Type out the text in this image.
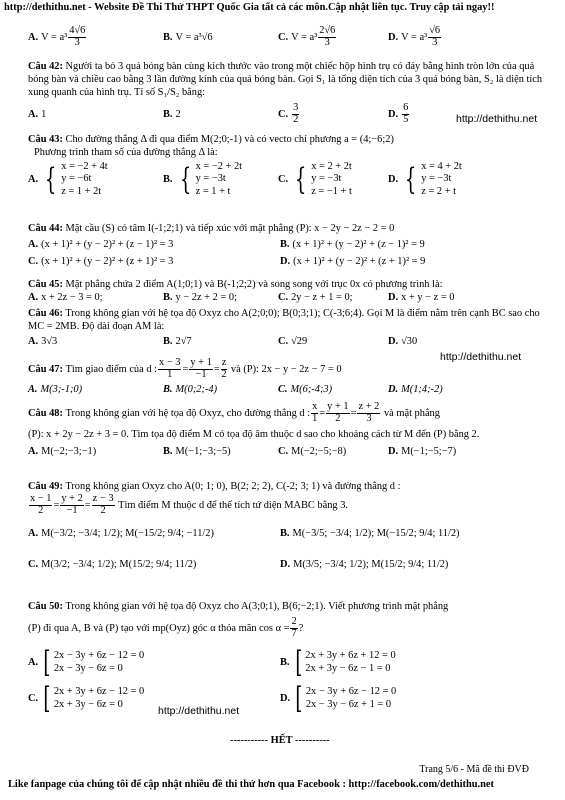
http://dethithu.net - Website Đề Thi Thử THPT Quốc Gia tất cả các môn.Cập nhật liên tục. Truy cập tải ngay!!
A. $V = a^3 \frac{4√6}{3}$	B. V = a³√6	C. $V = a^3 \frac{2√6}{3}$	D. $V = a^3 \frac{√6}{3}$
Câu 42: Người ta bỏ 3 quả bóng bàn cùng kích thước vào trong một chiếc hộp hình trụ có đáy bằng hình tròn lớn của quả bóng bàn và chiều cao bằng 3 lần đường kính của quả bóng bàn. Gọi S₁ là tổng diện tích của 3 quả bóng bàn, S₂ là diện tích xung quanh của hình trụ. Tỉ số S₁/S₂ bằng:
A. 1	B. 2	C. $\frac{3}{2}$	D. $\frac{6}{5}$	http://dethithu.net
Câu 43: Cho đường thẳng Δ đi qua điểm M(2;0;-1) và có vecto chỉ phương a = (4;−6;2)
Phương trình tham số của đường thẳng Δ là:
A. { x = −2 + 4t
y = −6t
z = 1 + 2t
B. { x = −2 + 2t
y = −3t
z = 1 + t
C. { x = 2 + 2t
y = −3t
z = −1 + t
D. { x = 4 + 2t
y = −3t
z = 2 + t
Câu 44: Mặt cầu (S) có tâm I(-1;2;1) và tiếp xúc với mặt phẳng (P): x − 2y − 2z − 2 = 0
A. (x + 1)² + (y − 2)² + (z − 1)² = 3	B. (x + 1)² + (y − 2)² + (z − 1)² = 9
C. (x + 1)² + (y − 2)² + (z + 1)² = 3	D. (x + 1)² + (y − 2)² + (z + 1)² = 9
Câu 45: Mặt phẳng chứa 2 điểm A(1;0;1) và B(-1;2;2) và song song với trục 0x có phương trình là:
A. x + 2z − 3 = 0;	B. y − 2z + 2 = 0;	C. 2y − z + 1 = 0;	D. x + y − z = 0
Câu 46: Trong không gian với hệ tọa độ Oxyz cho A(2;0;0); B(0;3;1); C(-3;6;4). Gọi M là điểm nằm trên cạnh BC sao cho MC = 2MB. Độ dài đoạn AM là:
A. 3√3	B. 2√7	C. √29	D. √30
http://dethithu.net
Câu 47:
Tìm giao điểm của d : $\frac{x - 3}{1} = \frac{y + 1}{-1} = \frac{z}{2}$
và (P): 2x − y − 2z − 7 = 0
A. M(3;-1;0)	B. M(0;2;-4)	C. M(6;-4;3)	D. M(1;4;-2)
Câu 48:
Trong không gian với hệ tọa độ Oxyz, cho đường thẳng d : $\frac{x}{1} = \frac{y + 1}{2} = \frac{z + 2}{3}$
và mặt phẳng
(P): x + 2y − 2z + 3 = 0. Tìm tọa độ điểm M có tọa độ âm thuộc d sao cho khoảng cách từ M đến (P) bằng 2.
A. M(−2;−3;−1)	B. M(−1;−3;−5)	C. M(−2;−5;−8)	D. M(−1;−5;−7)
Câu 49: Trong không gian Oxyz cho A(0; 1; 0), B(2; 2; 2), C(-2; 3; 1) và đường thẳng d :
$\frac{x - 1}{2} = \frac{y + 2}{-1} = \frac{z - 3}{2}$
Tìm điểm M thuộc d để thể tích tứ diện MABC bằng 3.
A. M(−3/2; −3/4; 1/2); M(−15/2; 9/4; −11/2)	B. M(−3/5; −3/4; 1/2); M(−15/2; 9/4; 11/2)
C. M(3/2; −3/4; 1/2); M(15/2; 9/4; 11/2)	D. M(3/5; −3/4; 1/2); M(15/2; 9/4; 11/2)
Câu 50: Trong không gian với hệ tọa độ Oxyz cho A(3;0;1), B(6;−2;1). Viết phương trình mặt phẳng
(P) đi qua A, B và (P) tạo với mp(Oyz) góc α thỏa mãn $\cos \alpha = \frac{2}{7}$ ?
A. [ 2x − 3y + 6z − 12 = 0
2x − 3y − 6z = 0	B. [ 2x + 3y + 6z + 12 = 0
2x + 3y − 6z − 1 = 0
C. [ 2x + 3y + 6z − 12 = 0
2x + 3y − 6z = 0	D. [ 2x − 3y + 6z − 12 = 0
2x − 3y − 6z + 1 = 0
http://dethithu.net
----------- HẾT ----------
Trang 5/6 - Mã đề thi ĐVĐ
Like fanpage của chúng tôi để cập nhật nhiều đề thi thử hơn qua Facebook : http://facebook.com/dethithu.net
